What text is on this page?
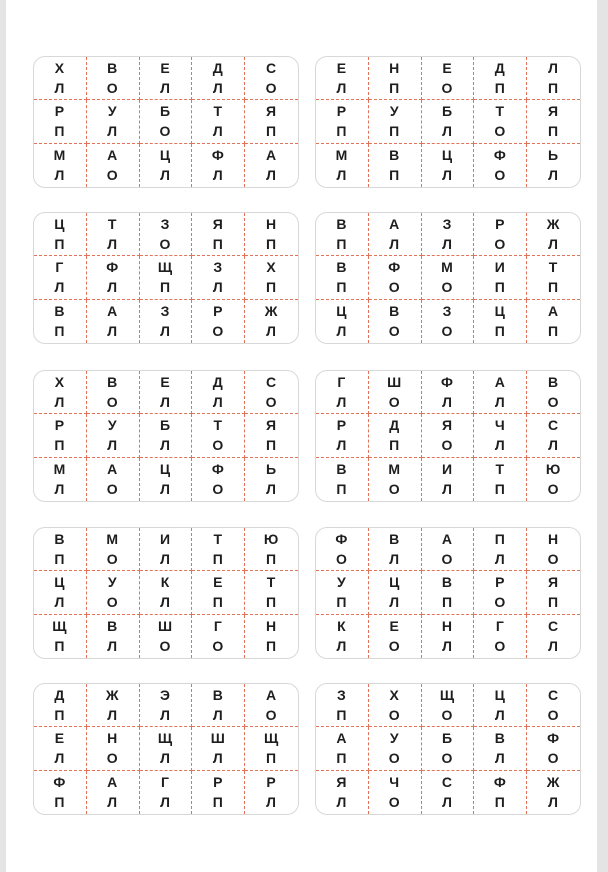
Х
Л
В
О
Е
Л
Д
Л
С
О
Р
П
У
Л
Б
О
Т
Л
Я
П
М
Л
А
О
Ц
Л
Ф
Л
А
Л
Е
Л
Н
П
Е
О
Д
П
Л
П
Р
П
У
П
Б
Л
Т
О
Я
П
М
Л
В
П
Ц
Л
Ф
О
Ь
Л
Ц
П
Т
Л
З
О
Я
П
Н
П
Г
Л
Ф
Л
Щ
П
З
Л
Х
П
В
П
А
Л
З
Л
Р
О
Ж
Л
В
П
А
Л
З
Л
Р
О
Ж
Л
В
П
Ф
О
М
О
И
П
Т
П
Ц
Л
В
О
З
О
Ц
П
А
П
Х
Л
В
О
Е
Л
Д
Л
С
О
Р
П
У
Л
Б
Л
Т
О
Я
П
М
Л
А
О
Ц
Л
Ф
О
Ь
Л
Г
Л
Ш
О
Ф
Л
А
Л
В
О
Р
Л
Д
П
Я
О
Ч
Л
С
Л
В
П
М
О
И
Л
Т
П
Ю
О
В
П
М
О
И
Л
Т
П
Ю
П
Ц
Л
У
О
К
Л
Е
П
Т
П
Щ
П
В
Л
Ш
О
Г
О
Н
П
Ф
О
В
Л
А
О
П
Л
Н
О
У
П
Ц
Л
В
П
Р
О
Я
П
К
Л
Е
О
Н
Л
Г
О
С
Л
Д
П
Ж
Л
Э
Л
В
Л
А
О
Е
Л
Н
О
Щ
Л
Ш
Л
Щ
П
Ф
П
А
Л
Г
Л
Р
П
Р
Л
З
П
Х
О
Щ
О
Ц
Л
С
О
А
П
У
О
Б
О
В
Л
Ф
О
Я
Л
Ч
О
С
Л
Ф
П
Ж
Л
